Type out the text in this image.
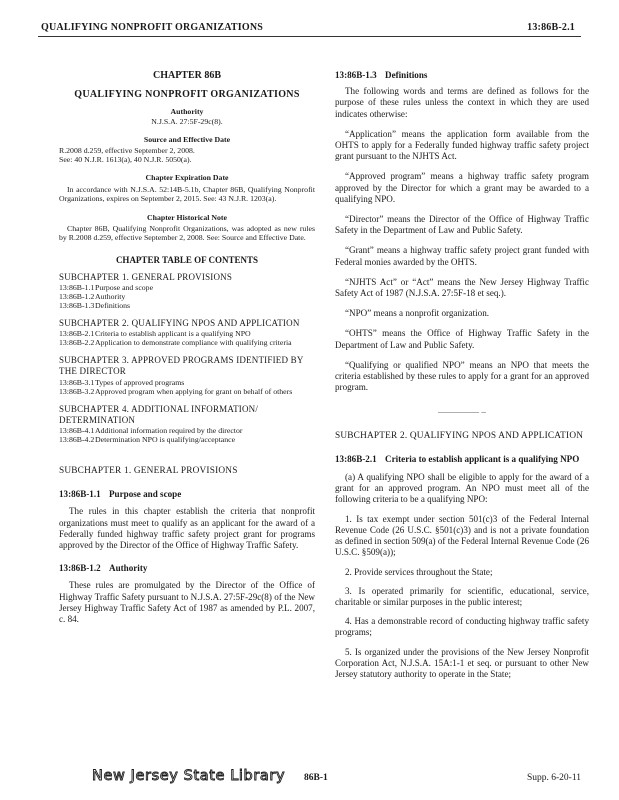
QUALIFYING NONPROFIT ORGANIZATIONS	13:86B-2.1
CHAPTER 86B
QUALIFYING NONPROFIT ORGANIZATIONS
Authority
N.J.S.A. 27:5F-29c(8).
Source and Effective Date
R.2008 d.259, effective September 2, 2008.
See: 40 N.J.R. 1613(a), 40 N.J.R. 5050(a).
Chapter Expiration Date
In accordance with N.J.S.A. 52:14B-5.1b, Chapter 86B, Qualifying Nonprofit Organizations, expires on September 2, 2015. See: 43 N.J.R. 1203(a).
Chapter Historical Note
Chapter 86B, Qualifying Nonprofit Organizations, was adopted as new rules by R.2008 d.259, effective September 2, 2008. See: Source and Effective Date.
CHAPTER TABLE OF CONTENTS
SUBCHAPTER 1. GENERAL PROVISIONS
13:86B-1.1 Purpose and scope
13:86B-1.2 Authority
13:86B-1.3 Definitions
SUBCHAPTER 2. QUALIFYING NPOS AND APPLICATION
13:86B-2.1 Criteria to establish applicant is a qualifying NPO
13:86B-2.2 Application to demonstrate compliance with qualifying criteria
SUBCHAPTER 3. APPROVED PROGRAMS IDENTIFIED BY THE DIRECTOR
13:86B-3.1 Types of approved programs
13:86B-3.2 Approved program when applying for grant on behalf of others
SUBCHAPTER 4. ADDITIONAL INFORMATION/ DETERMINATION
13:86B-4.1 Additional information required by the director
13:86B-4.2 Determination NPO is qualifying/acceptance
SUBCHAPTER 1. GENERAL PROVISIONS
13:86B-1.1 Purpose and scope

The rules in this chapter establish the criteria that nonprofit organizations must meet to qualify as an applicant for the award of a Federally funded highway traffic safety project grant for programs approved by the Director of the Office of Highway Traffic Safety.

13:86B-1.2 Authority

These rules are promulgated by the Director of the Office of Highway Traffic Safety pursuant to N.J.S.A. 27:5F-29c(8) of the New Jersey Highway Traffic Safety Act of 1987 as amended by P.L. 2007, c. 84.

13:86B-1.3 Definitions

The following words and terms are defined as follows for the purpose of these rules unless the context in which they are used indicates otherwise:

“Application” means the application form available from the OHTS to apply for a Federally funded highway traffic safety project grant pursuant to the NJHTS Act.

“Approved program” means a highway traffic safety program approved by the Director for which a grant may be awarded to a qualifying NPO.

“Director” means the Director of the Office of Highway Traffic Safety in the Department of Law and Public Safety.

“Grant” means a highway traffic safety project grant funded with Federal monies awarded by the OHTS.

“NJHTS Act” or “Act” means the New Jersey Highway Traffic Safety Act of 1987 (N.J.S.A. 27:5F-18 et seq.).

“NPO” means a nonprofit organization.

“OHTS” means the Office of Highway Traffic Safety in the Department of Law and Public Safety.

“Qualifying or qualified NPO” means an NPO that meets the criteria established by these rules to apply for a grant for an approved program.

————– –
SUBCHAPTER 2. QUALIFYING NPOS AND APPLICATION
13:86B-2.1 Criteria to establish applicant is a qualifying NPO

(a) A qualifying NPO shall be eligible to apply for the award of a grant for an approved program. An NPO must meet all of the following criteria to be a qualifying NPO:

1. Is tax exempt under section 501(c)3 of the Federal Internal Revenue Code (26 U.S.C. §501(c)3) and is not a private foundation as defined in section 509(a) of the Federal Internal Revenue Code (26 U.S.C. §509(a));

2. Provide services throughout the State;

3. Is operated primarily for scientific, educational, service, charitable or similar purposes in the public interest;

4. Has a demonstrable record of conducting highway traffic safety programs;

5. Is organized under the provisions of the New Jersey Nonprofit Corporation Act, N.J.S.A. 15A:1-1 et seq. or pursuant to other New Jersey statutory authority to operate in the State;

New Jersey State Library 86B-1	Supp. 6-20-11
